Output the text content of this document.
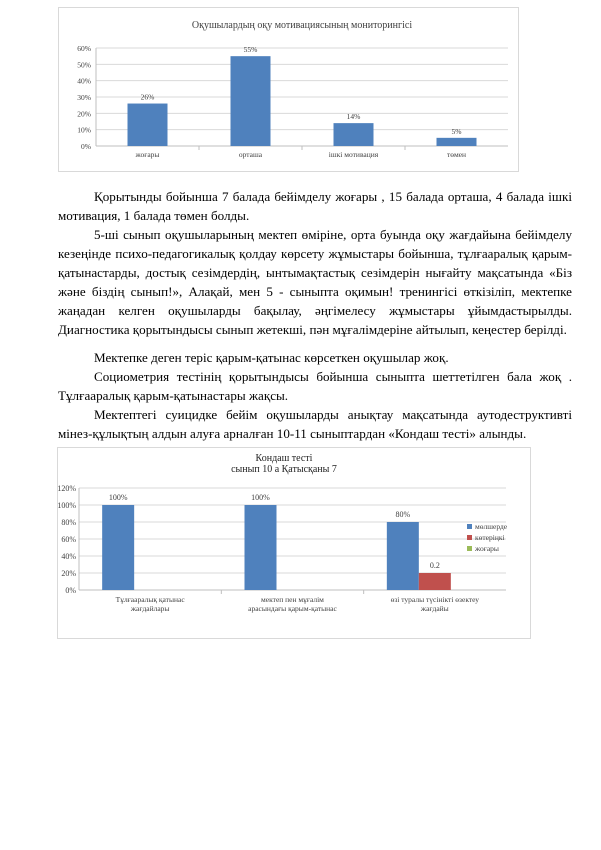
Оқушылардың оқу мотивациясының мониторингісі
0%
10%
20%
30%
40%
50%
60%
26%
жоғары
55%
орташа
14%
ішкі мотивация
5%
төмен

Қорытынды бойынша 7 балада бейімделу жоғары , 15 балада орташа, 4 балада ішкі мотивация, 1 балада төмен болды.

5-ші сынып оқушыларының мектеп өміріне, орта буында оқу жағдайына бейімделу кезеңінде психо-педагогикалық қолдау көрсету жұмыстары бойынша, тұлғааралық қарым-қатынастарды, достық сезімдердің, ынтымақтастық сезімдерін нығайту мақсатында «Біз және біздің сынып!», Алақай, мен 5 - сыныпта оқимын! тренингісі өткізіліп, мектепке жаңадан келген оқушыларды бақылау, әңгімелесу жұмыстары ұйымдастырылды. Диагностика қорытындысы сынып жетекші, пән мұғалімдеріне айтылып, кеңестер берілді.

Мектепке деген теріс қарым-қатынас көрсеткен оқушылар жоқ.

Социометрия тестінің қорытындысы бойынша сыныпта шеттетілген бала жоқ . Тұлғааралық қарым-қатынастары жақсы.

Мектептегі суицидке бейім оқушыларды анықтау мақсатында аутодеструктивті мінез-құлықтың алдын алуға арналған 10-11 сыныптардан «Кондаш тесті» алынды.

Кондаш тесті
сынып 10 а Қатысқаны 7
0%
20%
40%
60%
80%
100%
120%
100%
Тұлғааралық қатынас
жағдайлары
100%
мектеп пен мұғалім
арасындағы қарым-қатынас
80%
0.2
өзі туралы түсінікті өзектеу
жағдайы
мөлшерде
көтеріңкі
жоғары
